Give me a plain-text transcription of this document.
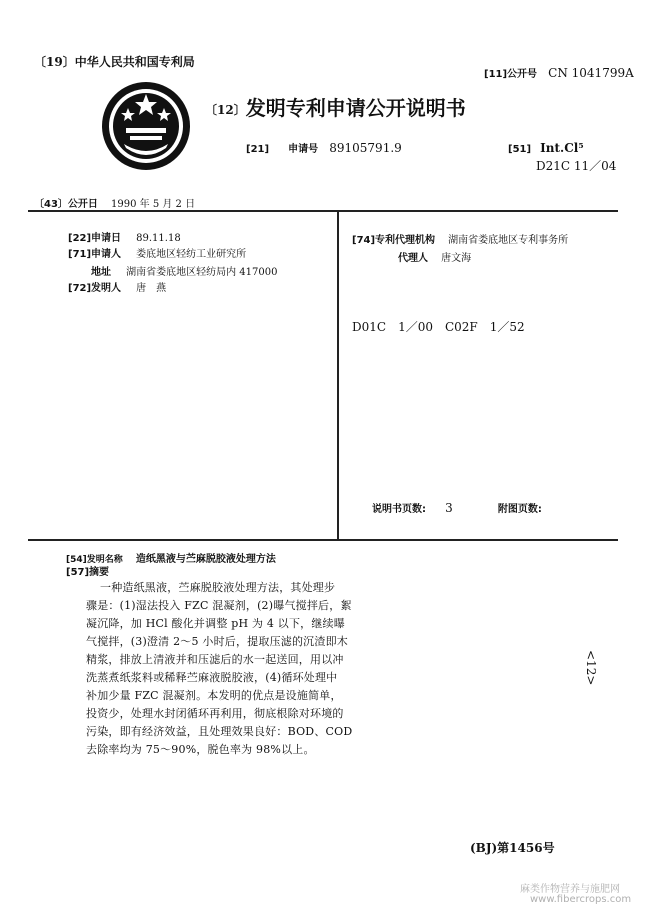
〔19〕中华人民共和国专利局
[11]公开号 CN 1041799A
〔12〕发明专利申请公开说明书
[21] 申请号 89105791.9	[51] Int.Cl⁵
D21C 11／04
〔43〕公开日 1990 年 5 月 2 日
[22]申请日 89.11.18
[71]申请人 娄底地区轻纺工业研究所
地址 湖南省娄底地区轻纺局内 417000
[72]发明人 唐　燕
[74]专利代理机构 湖南省娄底地区专利事务所
代理人 唐文海
D01C　1／00　C02F　1／52
说明书页数: 3	附图页数:
[54]发明名称 造纸黑液与苎麻脱胶液处理方法
[57]摘要
一种造纸黑液，苎麻脱胶液处理方法，其处理步
骤是：(1)湿法投入 FZC 混凝剂，(2)曝气搅拌后，絮
凝沉降，加 HCl 酸化并调整 pH 为 4 以下，继续曝
气搅拌，(3)澄清 2～5 小时后，提取压滤的沉渣即木
精浆，排放上清液并和压滤后的水一起送回，用以冲
洗蒸煮纸浆料或稀释苎麻液脱胶液，(4)循环处理中
补加少量 FZC 混凝剂。本发明的优点是设施简单，
投资少，处理水封闭循环再利用，彻底根除对环境的
污染，即有经济效益，且处理效果良好：BOD、COD
去除率均为 75～90%，脱色率为 98%以上。
<12>
(BJ)第1456号
麻类作物营养与施肥网
www.fibercrops.com
